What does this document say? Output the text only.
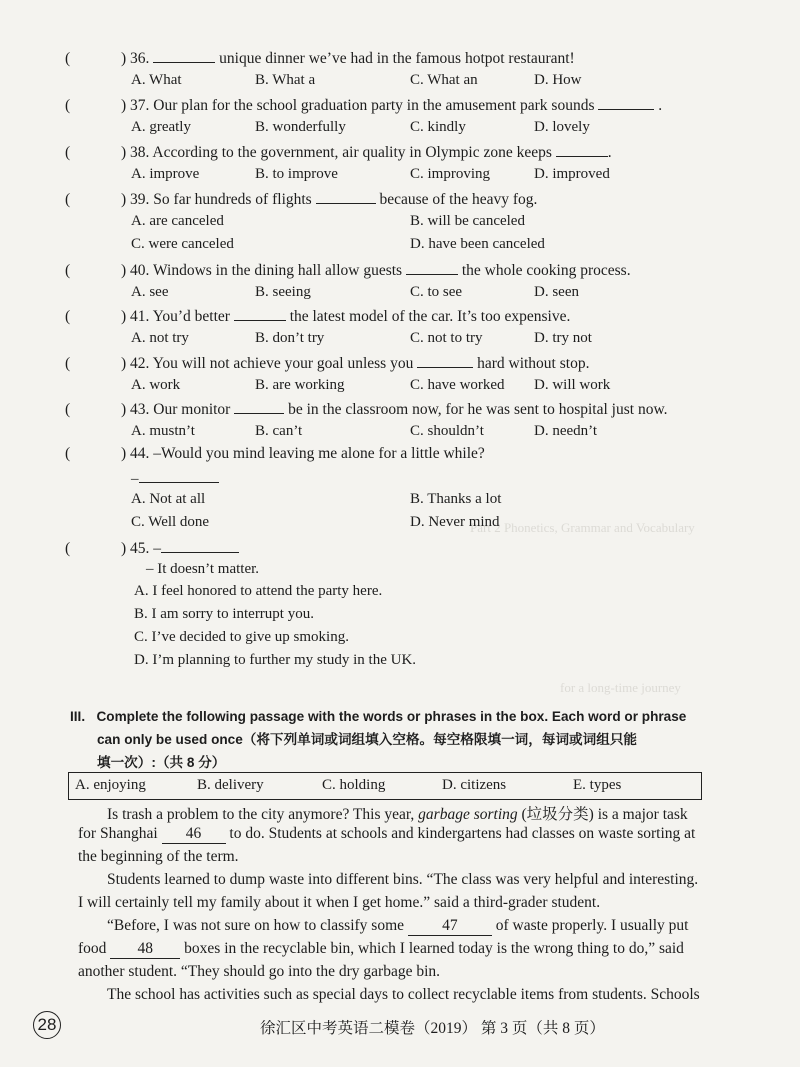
Part 2 Phonetics, Grammar and Vocabulary
for a long-time journey
(	) 36.	unique dinner we’ve had in the famous hotpot restaurant!
A. What	B. What a	C. What an	D. How
(	) 37. Our plan for the school graduation party in the amusement park sounds	.
A. greatly	B. wonderfully	C. kindly	D. lovely
(	) 38. According to the government, air quality in Olympic zone keeps	.
A. improve	B. to improve	C. improving	D. improved
(	) 39. So far hundreds of flights	because of the heavy fog.
A. are canceled	B. will be canceled
C. were canceled	D. have been canceled
(	) 40. Windows in the dining hall allow guests	the whole cooking process.
A. see	B. seeing	C. to see	D. seen
(	) 41. You’d better	the latest model of the car. It’s too expensive.
A. not try	B. don’t try	C. not to try	D. try not
(	) 42. You will not achieve your goal unless you	hard without stop.
A. work	B. are working	C. have worked D. will work
(	) 43. Our monitor	be in the classroom now, for he was sent to hospital just now.
A. mustn’t	B. can’t	C. shouldn’t	D. needn’t
(	) 44. –Would you mind leaving me alone for a little while?
–
A. Not at all	B. Thanks a lot
C. Well done	D. Never mind
(	) 45. –
– It doesn’t matter.
A. I feel honored to attend the party here.
B. I am sorry to interrupt you.
C. I’ve decided to give up smoking.
D. I’m planning to further my study in the UK.
III. Complete the following passage with the words or phrases in the box. Each word or phrase
can only be used once（将下列单词或词组填入空格。每空格限填一词，每词或词组只能
填一次）:（共 8 分）
A. enjoying	B. delivery	C. holding	D. citizens	E. types
Is trash a problem to the city anymore? This year, garbage sorting (垃圾分类) is a major task
for Shanghai 46 to do. Students at schools and kindergartens had classes on waste sorting at
the beginning of the term.
Students learned to dump waste into different bins. “The class was very helpful and interesting.
I will certainly tell my family about it when I get home.” said a third-grader student.
“Before, I was not sure on how to classify some 47 of waste properly. I usually put
food 48 boxes in the recyclable bin, which I learned today is the wrong thing to do,” said
another student. “They should go into the dry garbage bin.
The school has activities such as special days to collect recyclable items from students. Schools
28	徐汇区中考英语二模卷（2019） 第 3 页（共 8 页）
